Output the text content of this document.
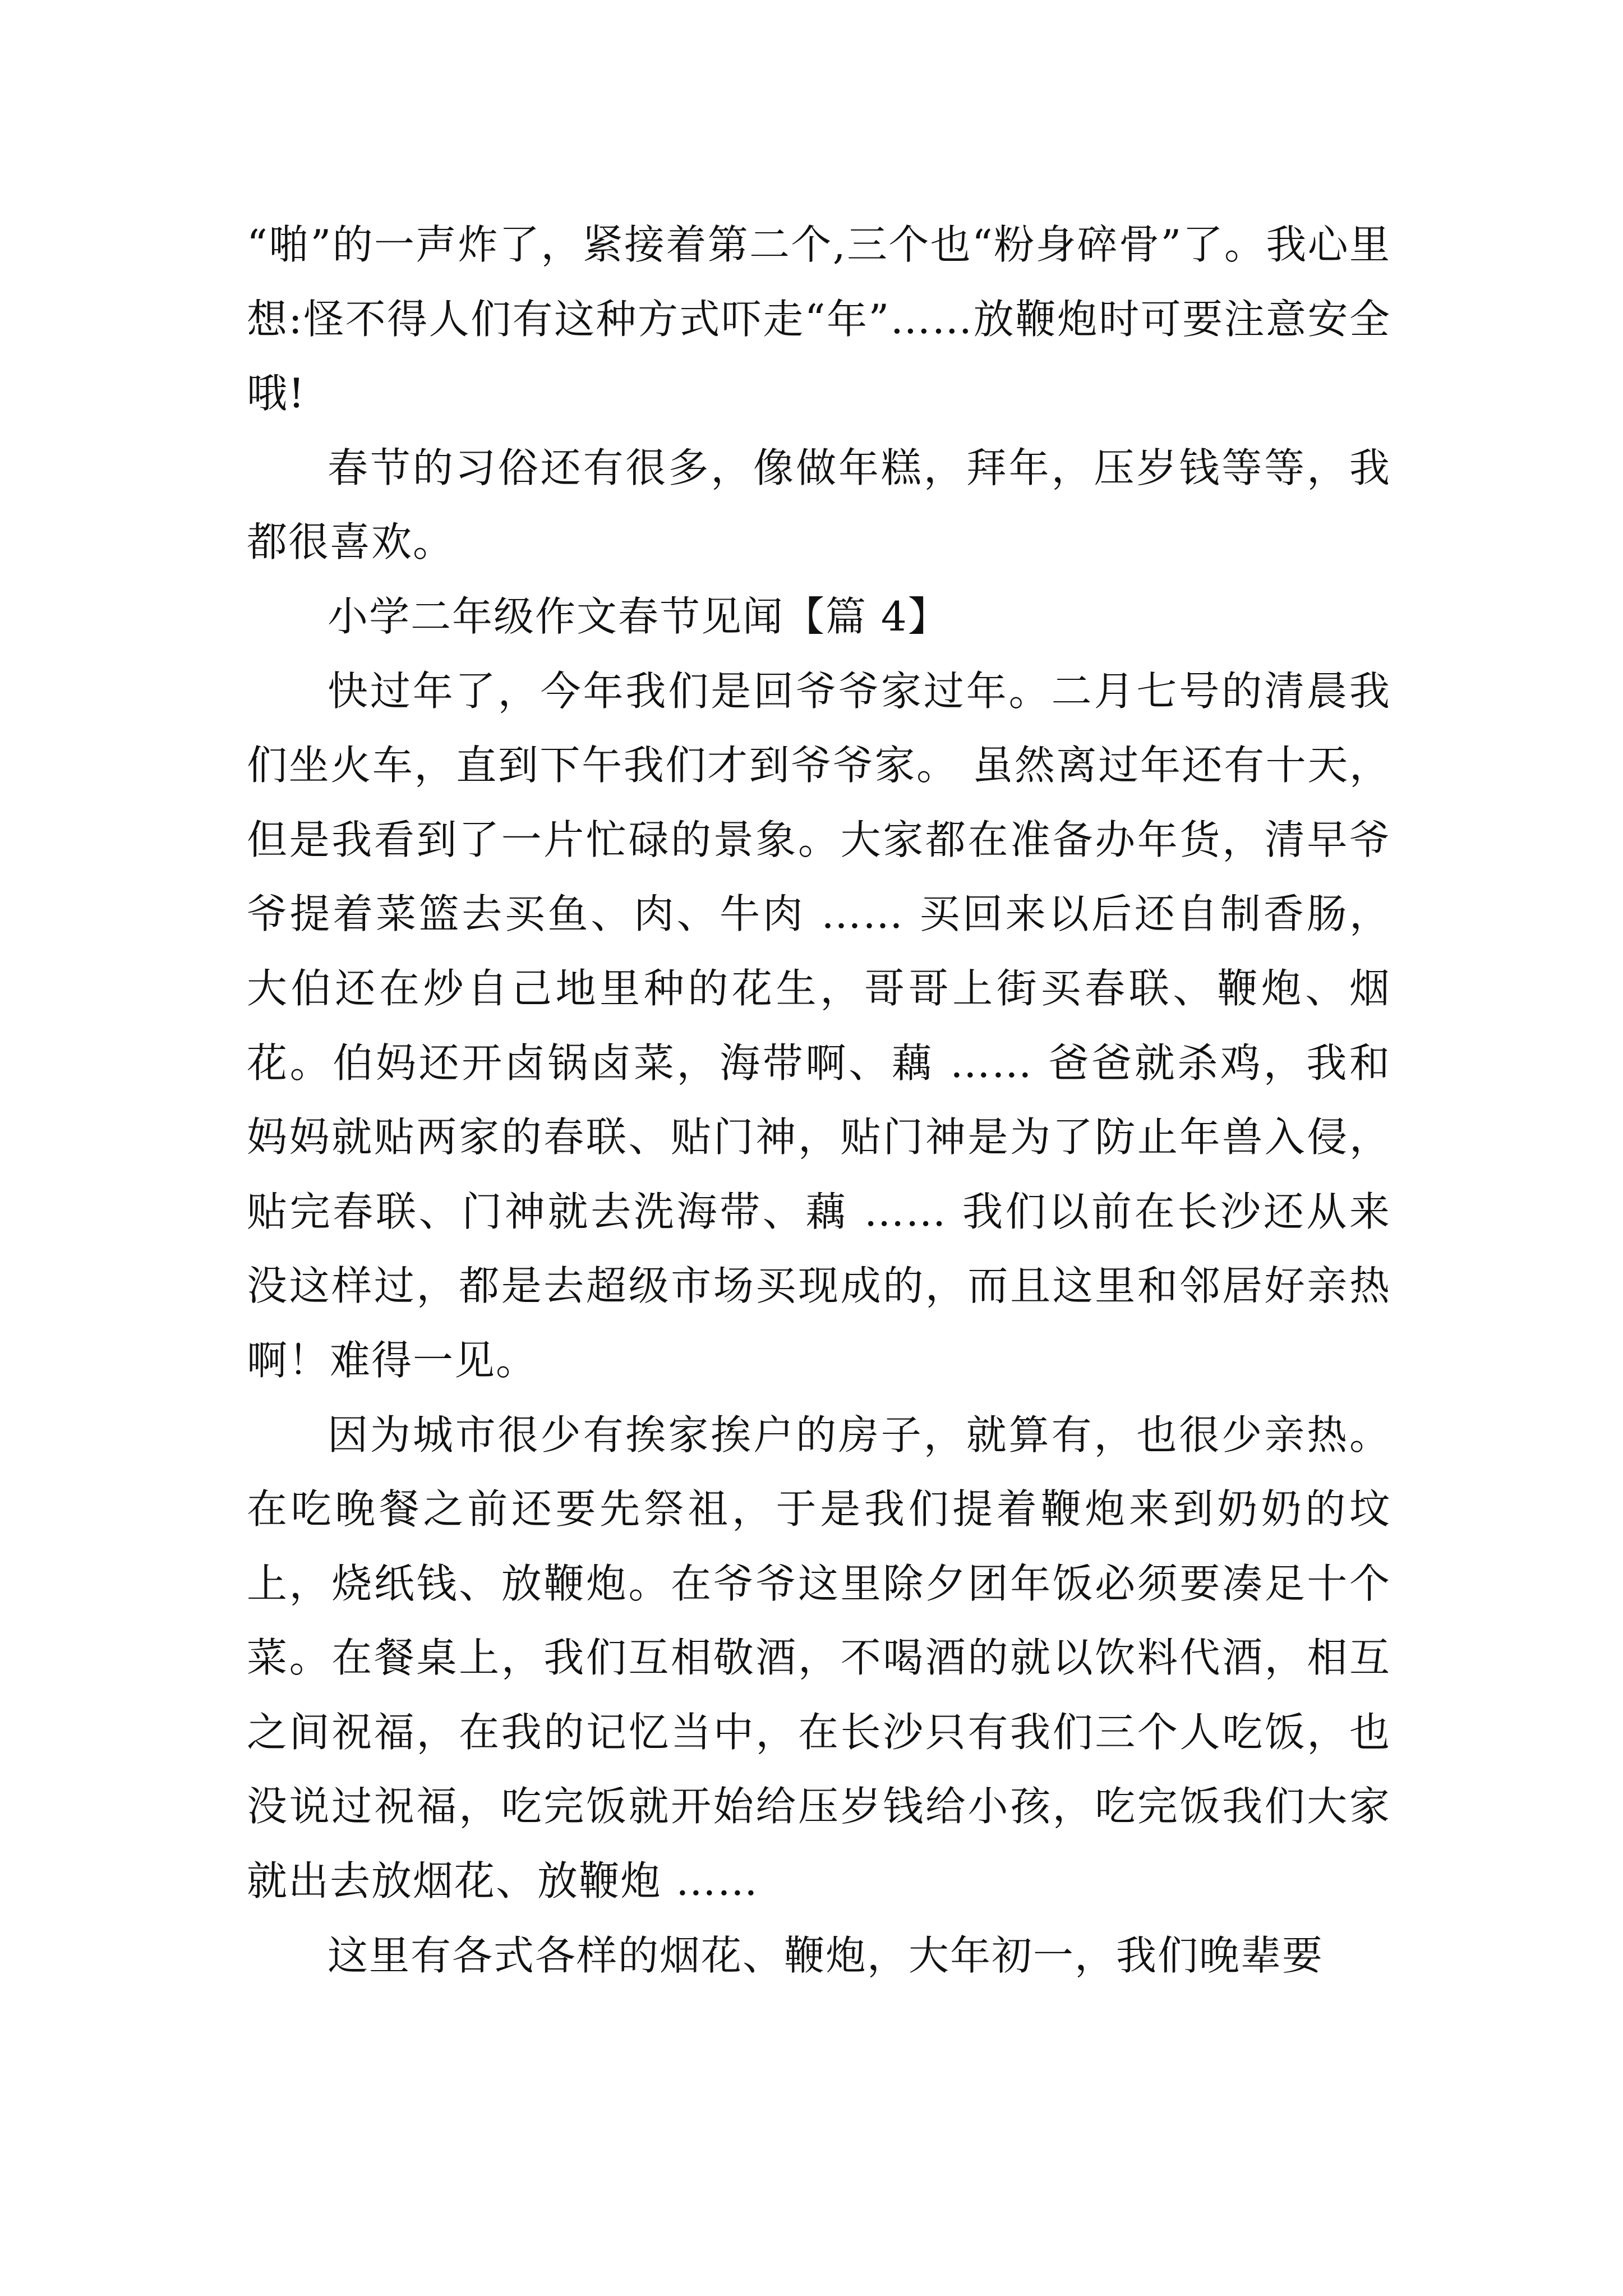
“啪”的一声炸了，紧接着第二个,三个也“粉身碎骨”了。我心里想:怪不得人们有这种方式吓走“年”……放鞭炮时可要注意安全哦!

春节的习俗还有很多，像做年糕，拜年，压岁钱等等，我都很喜欢。

小学二年级作文春节见闻【篇 4】

快过年了，今年我们是回爷爷家过年。二月七号的清晨我们坐火车，直到下午我们才到爷爷家。 虽然离过年还有十天，但是我看到了一片忙碌的景象。大家都在准备办年货，清早爷爷提着菜篮去买鱼、肉、牛肉 …… 买回来以后还自制香肠，大伯还在炒自己地里种的花生，哥哥上街买春联、鞭炮、烟花。伯妈还开卤锅卤菜，海带啊、藕 …… 爸爸就杀鸡，我和妈妈就贴两家的春联、贴门神，贴门神是为了防止年兽入侵，贴完春联、门神就去洗海带、藕 …… 我们以前在长沙还从来没这样过，都是去超级市场买现成的，而且这里和邻居好亲热啊！难得一见。

因为城市很少有挨家挨户的房子，就算有，也很少亲热。在吃晚餐之前还要先祭祖，于是我们提着鞭炮来到奶奶的坟上，烧纸钱、放鞭炮。在爷爷这里除夕团年饭必须要凑足十个菜。在餐桌上，我们互相敬酒，不喝酒的就以饮料代酒，相互之间祝福，在我的记忆当中，在长沙只有我们三个人吃饭，也没说过祝福，吃完饭就开始给压岁钱给小孩，吃完饭我们大家就出去放烟花、放鞭炮 ……

这里有各式各样的烟花、鞭炮，大年初一，我们晚辈要
